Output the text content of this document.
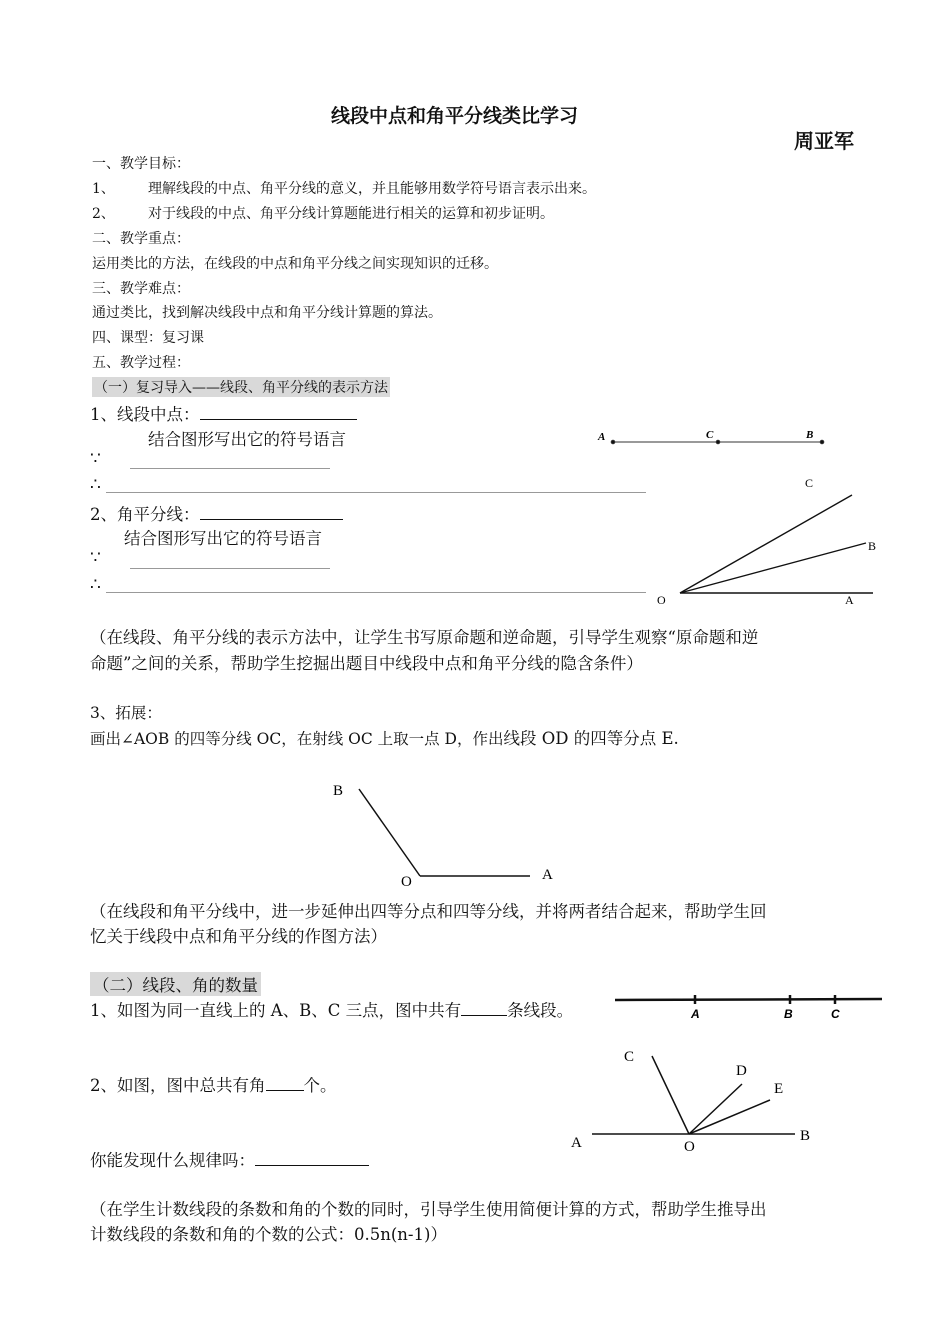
线段中点和角平分线类比学习
周亚军
一、教学目标：
1、 理解线段的中点、角平分线的意义，并且能够用数学符号语言表示出来。
2、 对于线段的中点、角平分线计算题能进行相关的运算和初步证明。
二、教学重点：
运用类比的方法，在线段的中点和角平分线之间实现知识的迁移。
三、教学难点：
通过类比，找到解决线段中点和角平分线计算题的算法。
四、课型：复习课
五、教学过程：
（一）复习导入——线段、角平分线的表示方法
1、线段中点：
结合图形写出它的符号语言
∵
∴
2、角平分线：
结合图形写出它的符号语言
∵
∴
（在线段、角平分线的表示方法中，让学生书写原命题和逆命题，引导学生观察“原命题和逆
命题”之间的关系，帮助学生挖掘出题目中线段中点和角平分线的隐含条件）
3、拓展：
画出∠AOB 的四等分线 OC，在射线 OC 上取一点 D，作出线段 OD 的四等分点 E.
（在线段和角平分线中，进一步延伸出四等分点和四等分线，并将两者结合起来，帮助学生回
忆关于线段中点和角平分线的作图方法）
（二）线段、角的数量
1、如图为同一直线上的 A、B、C 三点，图中共有	条线段。
2、如图，图中总共有角 个。
你能发现什么规律吗：
（在学生计数线段的条数和角的个数的同时，引导学生使用简便计算的方式，帮助学生推导出
计数线段的条数和角的个数的公式：0.5n(n-1)）
A	C	B
C
B
O	A
B
O	A
A	B	C
C
D
E
A	O
B
